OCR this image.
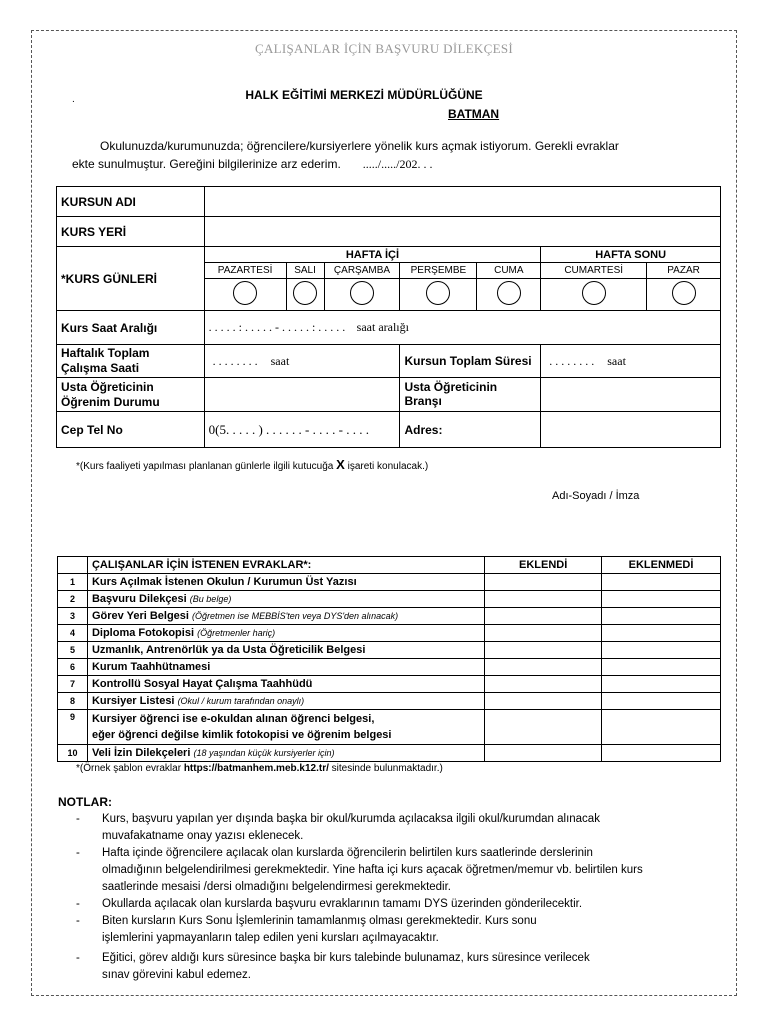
ÇALIŞANLAR İÇİN BAŞVURU DİLEKÇESİ
.	HALK EĞİTİMİ MERKEZİ MÜDÜRLÜĞÜNE
BATMAN
Okulunuzda/kurumunuzda; öğrencilere/kursiyerlere yönelik kurs açmak istiyorum. Gerekli evraklar
ekte sunulmuştur. Gereğini bilgilerinize arz ederim. ...../...../202. . .
KURSUN ADI							
KURS YERİ							
*KURS GÜNLERİ	HAFTA İÇİ					HAFTA SONU	
	PAZARTESİ	SALI	ÇARŞAMBA	PERŞEMBE	CUMA	CUMARTESİ	PAZAR

Kurs Saat Aralığı	. . . . . : . . . . . - . . . . . : . . . . . saat aralığı						
Haftalık Toplam
Çalışma Saati	. . . . . . . . saat			Kursun Toplam Süresi		. . . . . . . . saat	
Usta Öğreticinin
Öğrenim Durumu				Usta Öğreticinin Branşı			
Cep Tel No	0(5. . . . . ) . . . . . . - . . . . - . . . .			Adres:			
*(Kurs faaliyeti yapılması planlanan günlerle ilgili kutucuğa X işareti konulacak.)
Adı-Soyadı / İmza
	ÇALIŞANLAR İÇİN İSTENEN EVRAKLAR*:	EKLENDİ	EKLENMEDİ
1	Kurs Açılmak İstenen Okulun / Kurumun Üst Yazısı		
2	Başvuru Dilekçesi (Bu belge)		
3	Görev Yeri Belgesi (Öğretmen ise MEBBİS'ten veya DYS'den alınacak)		
4	Diploma Fotokopisi (Öğretmenler hariç)		
5	Uzmanlık, Antrenörlük ya da Usta Öğreticilik Belgesi		
6	Kurum Taahhütnamesi		
7	Kontrollü Sosyal Hayat Çalışma Taahhüdü		
8	Kursiyer Listesi (Okul / kurum tarafından onaylı)		
9	Kursiyer öğrenci ise e-okuldan alınan öğrenci belgesi,
eğer öğrenci değilse kimlik fotokopisi ve öğrenim belgesi		
10	Veli İzin Dilekçeleri (18 yaşından küçük kursiyerler için)		
*(Örnek şablon evraklar https://batmanhem.meb.k12.tr/ sitesinde bulunmaktadır.)
NOTLAR:
- Kurs, başvuru yapılan yer dışında başka bir okul/kurumda açılacaksa ilgili okul/kurumdan alınacak
muvafakatname onay yazısı eklenecek.
- Hafta içinde öğrencilere açılacak olan kurslarda öğrencilerin belirtilen kurs saatlerinde derslerinin
olmadığının belgelendirilmesi gerekmektedir. Yine hafta içi kurs açacak öğretmen/memur vb. belirtilen kurs
saatlerinde mesaisi /dersi olmadığını belgelendirmesi gerekmektedir.
- Okullarda açılacak olan kurslarda başvuru evraklarının tamamı DYS üzerinden gönderilecektir.
- Biten kursların Kurs Sonu İşlemlerinin tamamlanmış olması gerekmektedir. Kurs sonu
işlemlerini yapmayanların talep edilen yeni kursları açılmayacaktır.
- Eğitici, görev aldığı kurs süresince başka bir kurs talebinde bulunamaz, kurs süresince verilecek
sınav görevini kabul edemez.
